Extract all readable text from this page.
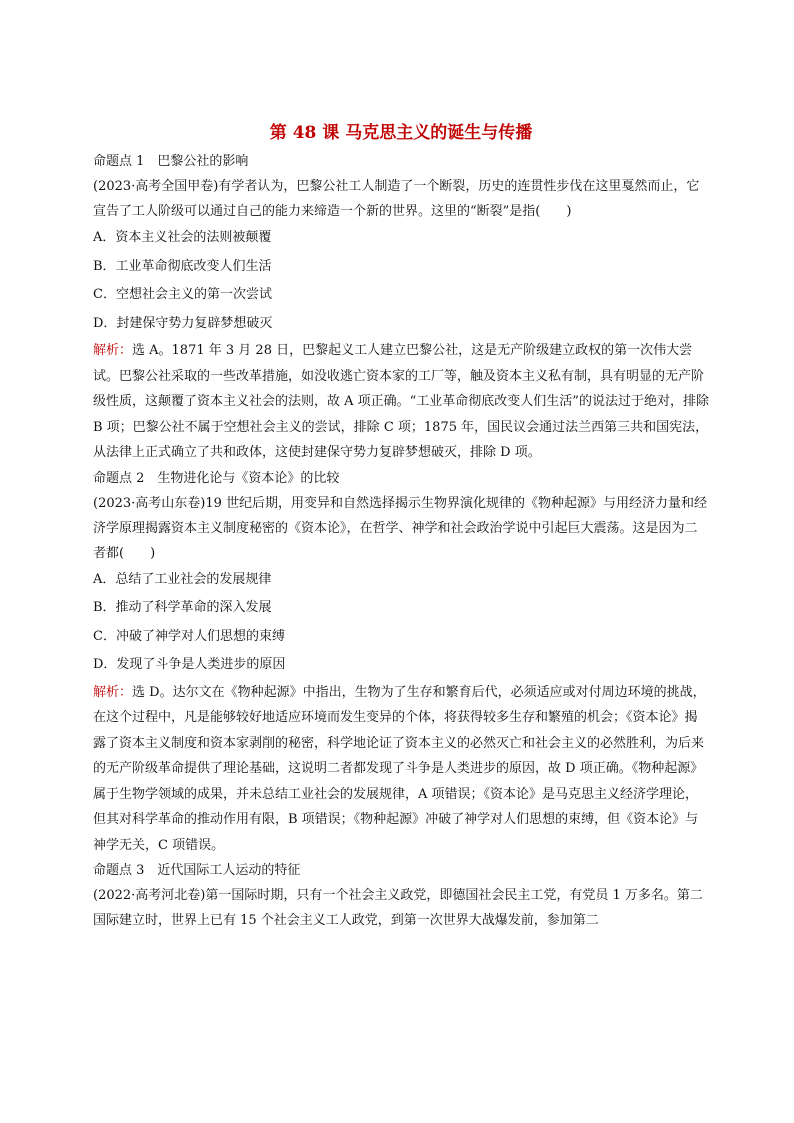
第 48 课 马克思主义的诞生与传播

命题点 1　巴黎公社的影响

(2023·高考全国甲卷)有学者认为，巴黎公社工人制造了一个断裂，历史的连贯性步伐在这里戛然而止，它宣告了工人阶级可以通过自己的能力来缔造一个新的世界。这里的“断裂”是指(　　)

A．资本主义社会的法则被颠覆

B．工业革命彻底改变人们生活

C．空想社会主义的第一次尝试

D．封建保守势力复辟梦想破灭

解析：选 A。1871 年 3 月 28 日，巴黎起义工人建立巴黎公社，这是无产阶级建立政权的第一次伟大尝试。巴黎公社采取的一些改革措施，如没收逃亡资本家的工厂等，触及资本主义私有制，具有明显的无产阶级性质，这颠覆了资本主义社会的法则，故 A 项正确。“工业革命彻底改变人们生活”的说法过于绝对，排除 B 项；巴黎公社不属于空想社会主义的尝试，排除 C 项；1875 年，国民议会通过法兰西第三共和国宪法，从法律上正式确立了共和政体，这使封建保守势力复辟梦想破灭，排除 D 项。

命题点 2　生物进化论与《资本论》的比较

(2023·高考山东卷)19 世纪后期，用变异和自然选择揭示生物界演化规律的《物种起源》与用经济力量和经济学原理揭露资本主义制度秘密的《资本论》，在哲学、神学和社会政治学说中引起巨大震荡。这是因为二者都(　　)

A．总结了工业社会的发展规律

B．推动了科学革命的深入发展

C．冲破了神学对人们思想的束缚

D．发现了斗争是人类进步的原因

解析：选 D。达尔文在《物种起源》中指出，生物为了生存和繁育后代，必须适应或对付周边环境的挑战，在这个过程中，凡是能够较好地适应环境而发生变异的个体，将获得较多生存和繁殖的机会；《资本论》揭露了资本主义制度和资本家剥削的秘密，科学地论证了资本主义的必然灭亡和社会主义的必然胜利，为后来的无产阶级革命提供了理论基础，这说明二者都发现了斗争是人类进步的原因，故 D 项正确。《物种起源》属于生物学领域的成果，并未总结工业社会的发展规律，A 项错误；《资本论》是马克思主义经济学理论，但其对科学革命的推动作用有限，B 项错误；《物种起源》冲破了神学对人们思想的束缚，但《资本论》与神学无关，C 项错误。

命题点 3　近代国际工人运动的特征

(2022·高考河北卷)第一国际时期，只有一个社会主义政党，即德国社会民主工党，有党员 1 万多名。第二国际建立时，世界上已有 15 个社会主义工人政党，到第一次世界大战爆发前，参加第二
